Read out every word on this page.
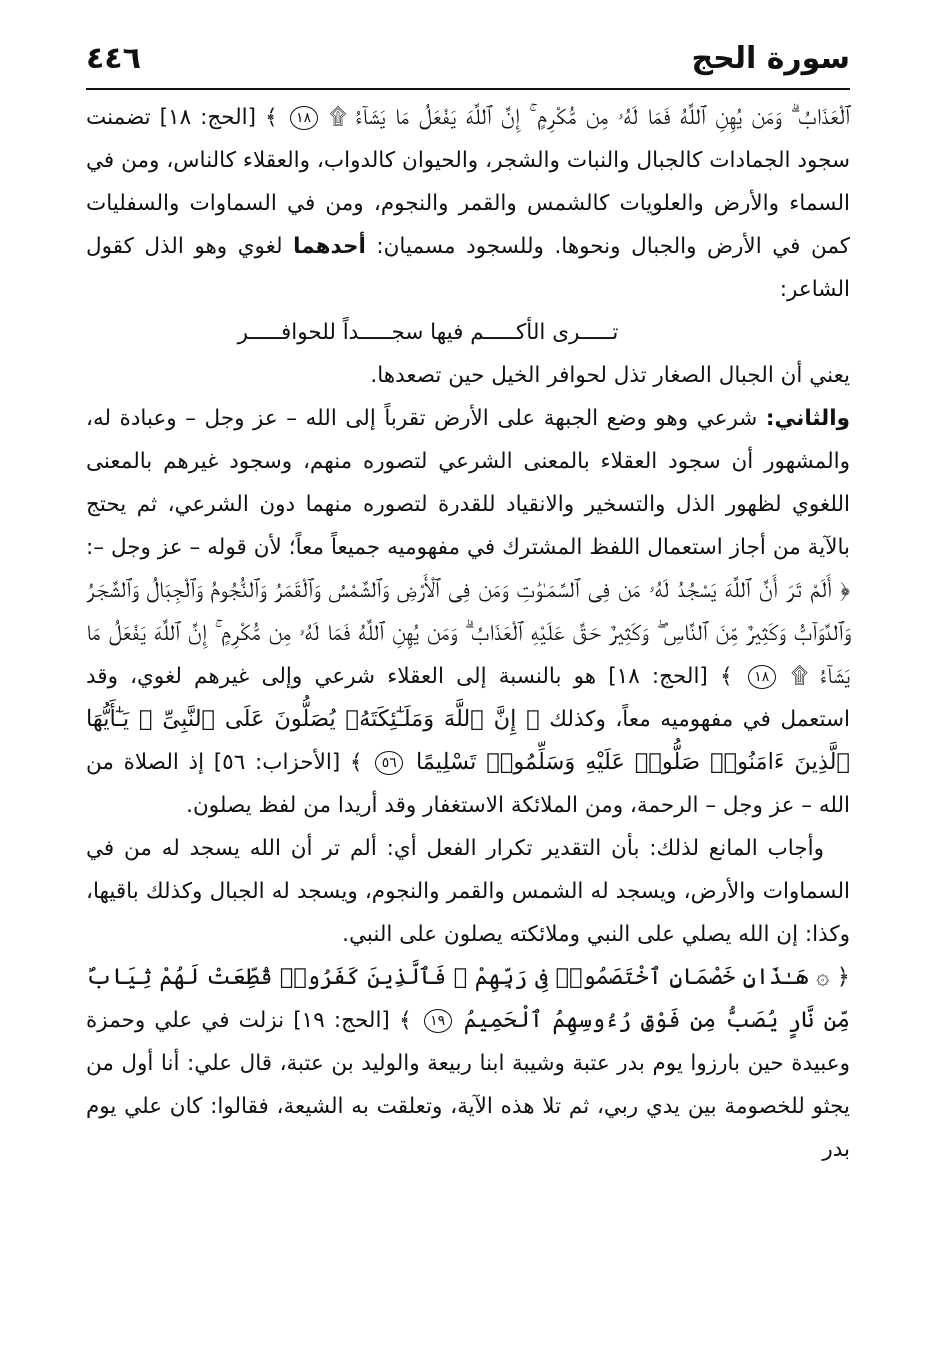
سورة الحج
٤٤٦

ٱلْعَذَابُ ۗ وَمَن يُهِنِ ٱللَّهُ فَمَا لَهُۥ مِن مُّكْرِمٍ ۚ إِنَّ ٱللَّهَ يَفْعَلُ مَا يَشَآءُ ۩ ١٨ ﴾ [الحج: ١٨] تضمنت سجود الجمادات كالجبال والنبات والشجر، والحيوان كالدواب، والعقلاء كالناس، ومن في السماء والأرض والعلويات كالشمس والقمر والنجوم، ومن في السماوات والسفليات كمن في الأرض والجبال ونحوها. وللسجود مسميان: أحدهما لغوي وهو الذل كقول الشاعر:

تـــــرى الأكـــــم فيها سجـــــداً للحوافـــــر

يعني أن الجبال الصغار تذل لحوافر الخيل حين تصعدها.

والثاني: شرعي وهو وضع الجبهة على الأرض تقرباً إلى الله – عز وجل – وعبادة له، والمشهور أن سجود العقلاء بالمعنى الشرعي لتصوره منهم، وسجود غيرهم بالمعنى اللغوي لظهور الذل والتسخير والانقياد للقدرة لتصوره منهما دون الشرعي، ثم يحتج بالآية من أجاز استعمال اللفظ المشترك في مفهوميه جميعاً معاً؛ لأن قوله – عز وجل –: ﴿ أَلَمْ تَرَ أَنَّ ٱللَّهَ يَسْجُدُ لَهُۥ مَن فِى ٱلسَّمَـٰوَٰتِ وَمَن فِى ٱلْأَرْضِ وَٱلشَّمْسُ وَٱلْقَمَرُ وَٱلنُّجُومُ وَٱلْجِبَالُ وَٱلشَّجَرُ وَٱلدَّوَآبُّ وَكَثِيرٌ مِّنَ ٱلنَّاسِ ۖ وَكَثِيرٌ حَقَّ عَلَيْهِ ٱلْعَذَابُ ۗ وَمَن يُهِنِ ٱللَّهُ فَمَا لَهُۥ مِن مُّكْرِمٍ ۚ إِنَّ ٱللَّهَ يَفْعَلُ مَا يَشَآءُ ۩ ١٨ ﴾ [الحج: ١٨] هو بالنسبة إلى العقلاء شرعي وإلى غيرهم لغوي، وقد استعمل في مفهوميه معاً، وكذلك ﴿ إِنَّ ٱللَّهَ وَمَلَـٰٓئِكَتَهُۥ يُصَلُّونَ عَلَى ٱلنَّبِىِّ ۚ يَـٰٓأَيُّهَا ٱلَّذِينَ ءَامَنُوا۟ صَلُّوا۟ عَلَيْهِ وَسَلِّمُوا۟ تَسْلِيمًا ٥٦ ﴾ [الأحزاب: ٥٦] إذ الصلاة من الله – عز وجل – الرحمة، ومن الملائكة الاستغفار وقد أريدا من لفظ يصلون.

وأجاب المانع لذلك: بأن التقدير تكرار الفعل أي: ألم تر أن الله يسجد له من في السماوات والأرض، ويسجد له الشمس والقمر والنجوم، ويسجد له الجبال وكذلك باقيها، وكذا: إن الله يصلي على النبي وملائكته يصلون على النبي.

﴿ ۞ هَـٰذَانِ خَصْمَانِ ٱخْتَصَمُوا۟ فِى رَبِّهِمْ ۖ فَٱلَّذِينَ كَفَرُوا۟ قُطِّعَتْ لَهُمْ ثِيَابٌ مِّن نَّارٍ يُصَبُّ مِن فَوْقِ رُءُوسِهِمُ ٱلْحَمِيمُ ١٩ ﴾ [الحج: ١٩] نزلت في علي وحمزة وعبيدة حين بارزوا يوم بدر عتبة وشيبة ابنا ربيعة والوليد بن عتبة، قال علي: أنا أول من يجثو للخصومة بين يدي ربي، ثم تلا هذه الآية، وتعلقت به الشيعة، فقالوا: كان علي يوم بدر
